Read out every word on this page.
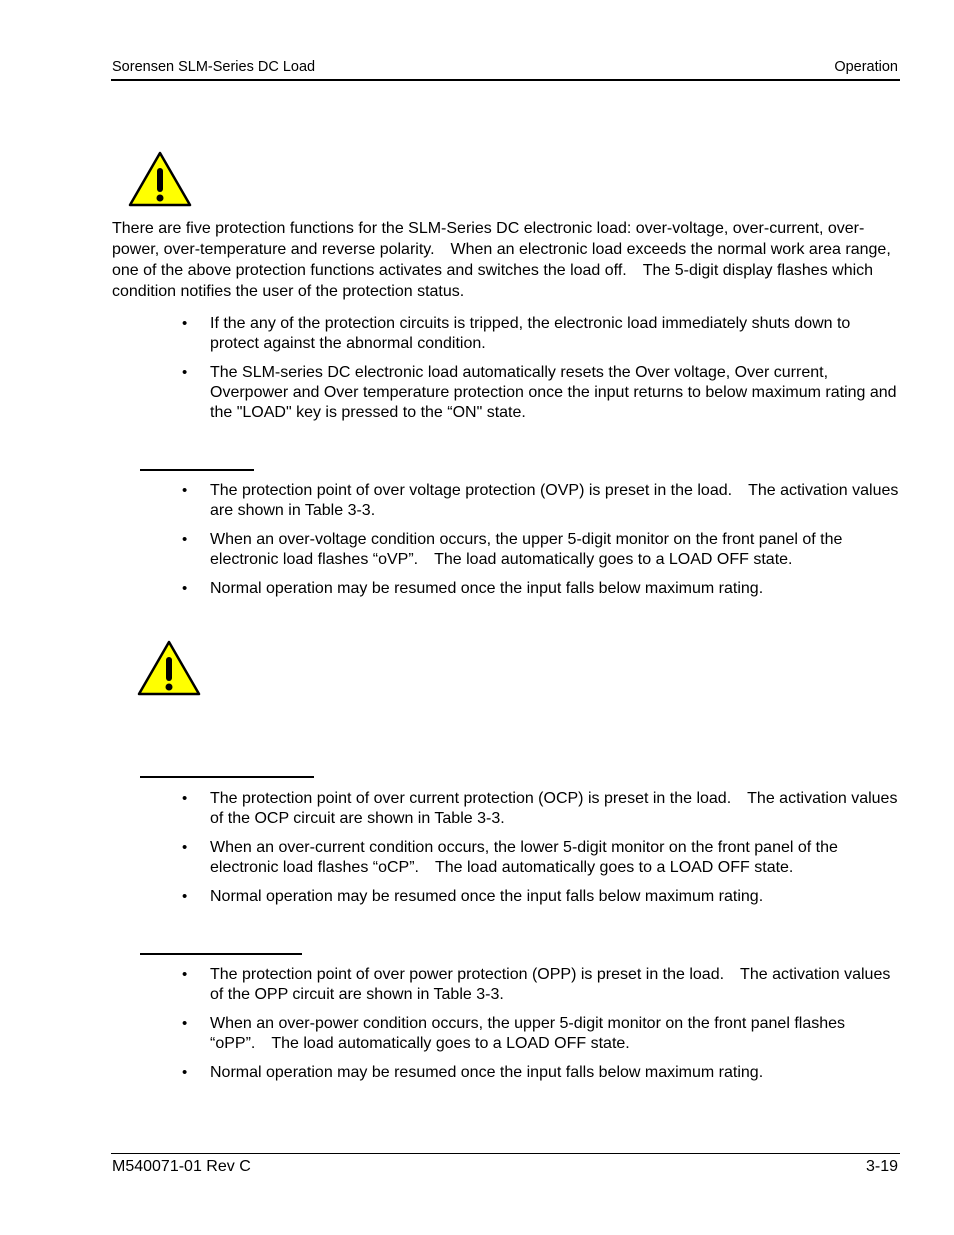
Sorensen SLM-Series DC Load	Operation
There are five protection functions for the SLM-Series DC electronic load: over-voltage, over-current, over-power, over-temperature and reverse polarity. When an electronic load exceeds the normal work area range, one of the above protection functions activates and switches the load off. The 5-digit display flashes which condition notifies the user of the protection status.
• If the any of the protection circuits is tripped, the electronic load immediately shuts down to protect against the abnormal condition.
• The SLM-series DC electronic load automatically resets the Over voltage, Over current, Overpower and Over temperature protection once the input returns to below maximum rating and the "LOAD" key is pressed to the “ON" state.
• The protection point of over voltage protection (OVP) is preset in the load. The activation values are shown in Table 3-3.
• When an over-voltage condition occurs, the upper 5-digit monitor on the front panel of the electronic load flashes “oVP”. The load automatically goes to a LOAD OFF state.
• Normal operation may be resumed once the input falls below maximum rating.
• The protection point of over current protection (OCP) is preset in the load. The activation values of the OCP circuit are shown in Table 3-3.
• When an over-current condition occurs, the lower 5-digit monitor on the front panel of the electronic load flashes “oCP”. The load automatically goes to a LOAD OFF state.
• Normal operation may be resumed once the input falls below maximum rating.
• The protection point of over power protection (OPP) is preset in the load. The activation values of the OPP circuit are shown in Table 3-3.
• When an over-power condition occurs, the upper 5-digit monitor on the front panel flashes “oPP”. The load automatically goes to a LOAD OFF state.
• Normal operation may be resumed once the input falls below maximum rating.
M540071-01 Rev C	3-19
